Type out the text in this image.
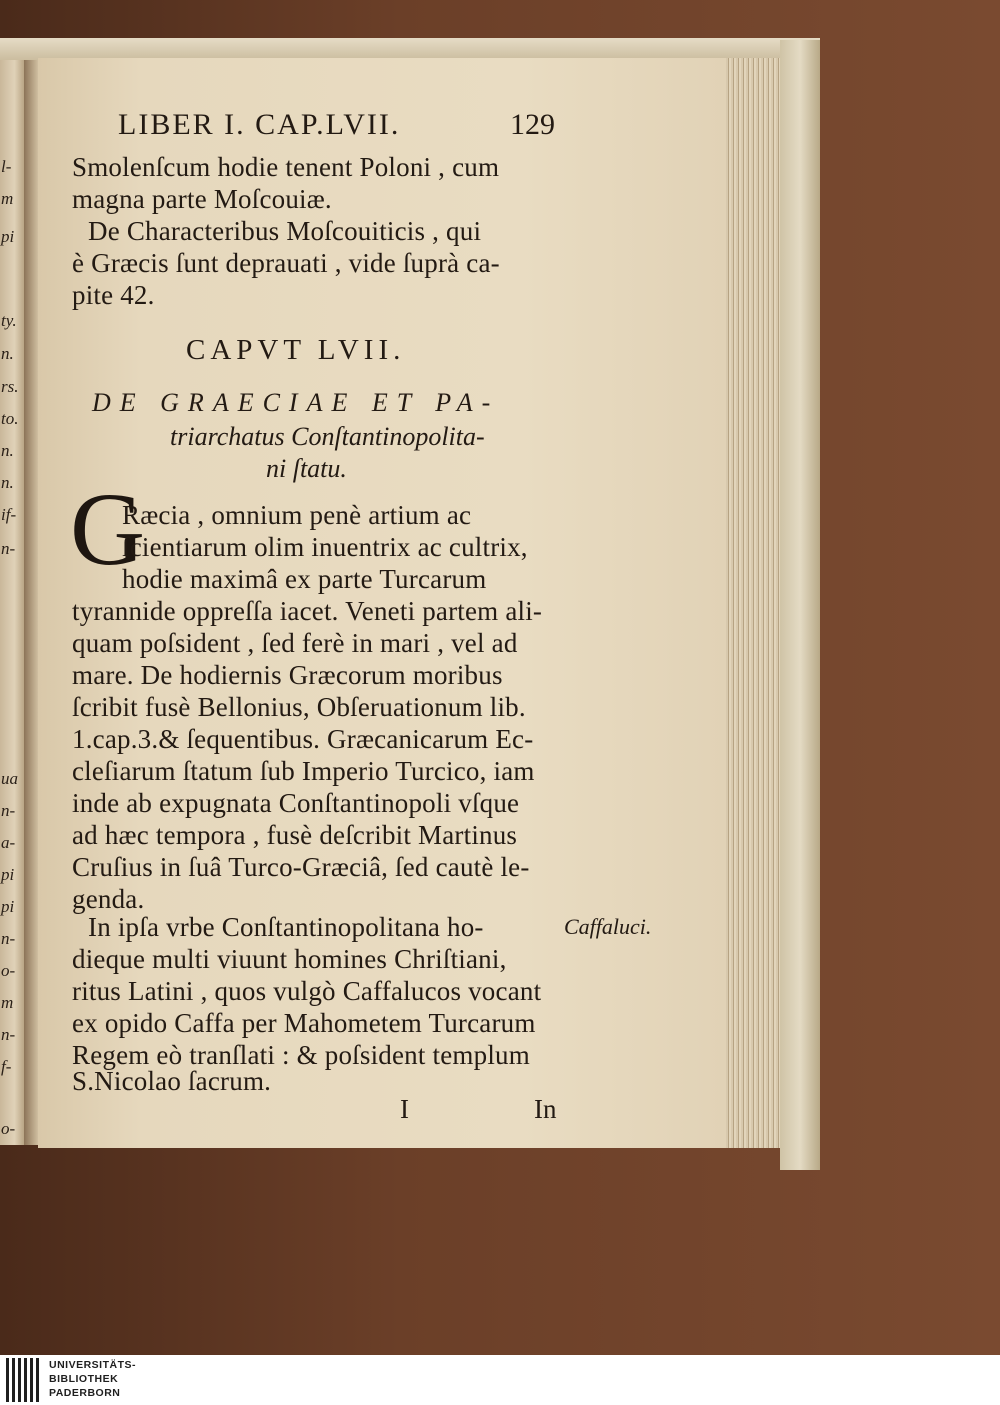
l-
m
pi
ty.
n.
rs.
to.
n.
n.
if-
n-
ua
n-
a-
pi
pi
n-
o-
m
n-
f-
o-
LIBER I. CAP.LVII.	129
Smolenſcum hodie tenent Poloni , cum
magna parte Moſcouiæ.
De Characteribus Moſcouiticis , qui
è Græcis ſunt deprauati , vide ſuprà ca-
pite 42.
CAPVT LVII.
DE GRAECIAE ET PA-
triarchatus Conſtantinopolita-
ni ſtatu.
G
Ræcia , omnium penè artium ac
ſcientiarum olim inuentrix ac cultrix,
hodie maximâ ex parte Turcarum
tyrannide oppreſſa iacet. Veneti partem ali-
quam poſsident , ſed ferè in mari , vel ad
mare. De hodiernis Græcorum moribus
ſcribit fusè Bellonius, Obſeruationum lib.
1.cap.3.& ſequentibus. Græcanicarum Ec-
cleſiarum ſtatum ſub Imperio Turcico, iam
inde ab expugnata Conſtantinopoli vſque
ad hæc tempora , fusè deſcribit Martinus
Cruſius in ſuâ Turco-Græciâ, ſed cautè le-
genda.
In ipſa vrbe Conſtantinopolitana ho-
dieque multi viuunt homines Chriſtiani,
ritus Latini , quos vulgò Caffalucos vocant
ex opido Caffa per Mahometem Turcarum
Regem eò tranſlati : & poſsident templum
S.Nicolao ſacrum.
Caffaluci.
I	In
UNIVERSITÄTS-
BIBLIOTHEK
PADERBORN
